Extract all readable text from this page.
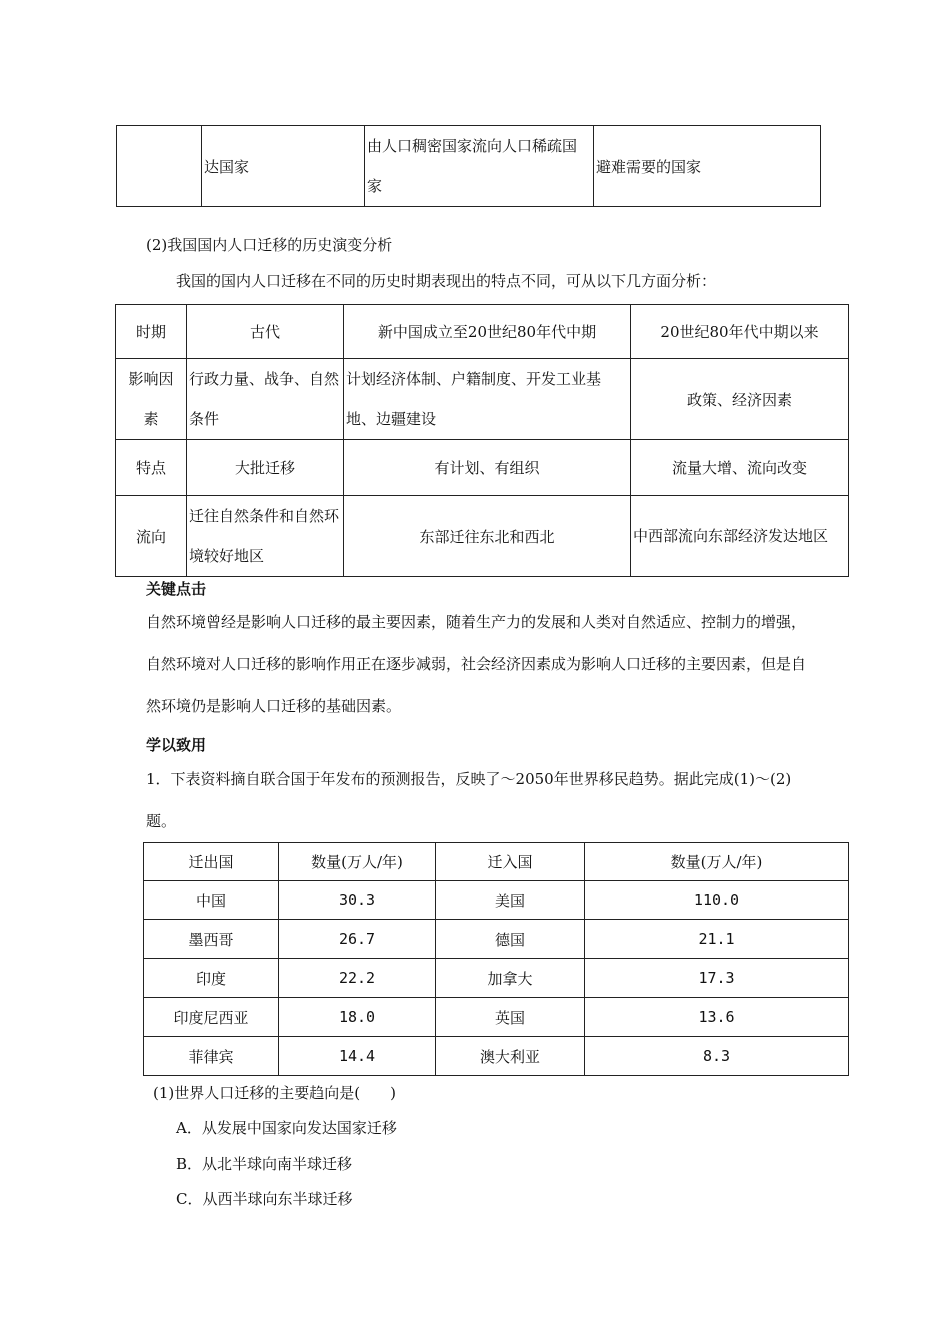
	达国家	由人口稠密国家流向人口稀疏国家	避难需要的国家
(2)我国国内人口迁移的历史演变分析
我国的国内人口迁移在不同的历史时期表现出的特点不同，可从以下几方面分析：
时期	古代	新中国成立至20世纪80年代中期	20世纪80年代中期以来
影响因素	行政力量、战争、自然条件	计划经济体制、户籍制度、开发工业基地、边疆建设	政策、经济因素
特点	大批迁移	有计划、有组织	流量大增、流向改变
流向	迁往自然条件和自然环境较好地区	东部迁往东北和西北	中西部流向东部经济发达地区
关键点击
自然环境曾经是影响人口迁移的最主要因素，随着生产力的发展和人类对自然适应、控制力的增强，自然环境对人口迁移的影响作用正在逐步减弱，社会经济因素成为影响人口迁移的主要因素，但是自然环境仍是影响人口迁移的基础因素。
学以致用
1．下表资料摘自联合国于年发布的预测报告，反映了～2050年世界移民趋势。据此完成(1)～(2)题。
迁出国	数量(万人/年)	迁入国	数量(万人/年)
中国	30.3	美国	110.0
墨西哥	26.7	德国	21.1
印度	22.2	加拿大	17.3
印度尼西亚	18.0	英国	13.6
菲律宾	14.4	澳大利亚	8.3
(1)世界人口迁移的主要趋向是(　　)
A．从发展中国家向发达国家迁移
B．从北半球向南半球迁移
C．从西半球向东半球迁移
